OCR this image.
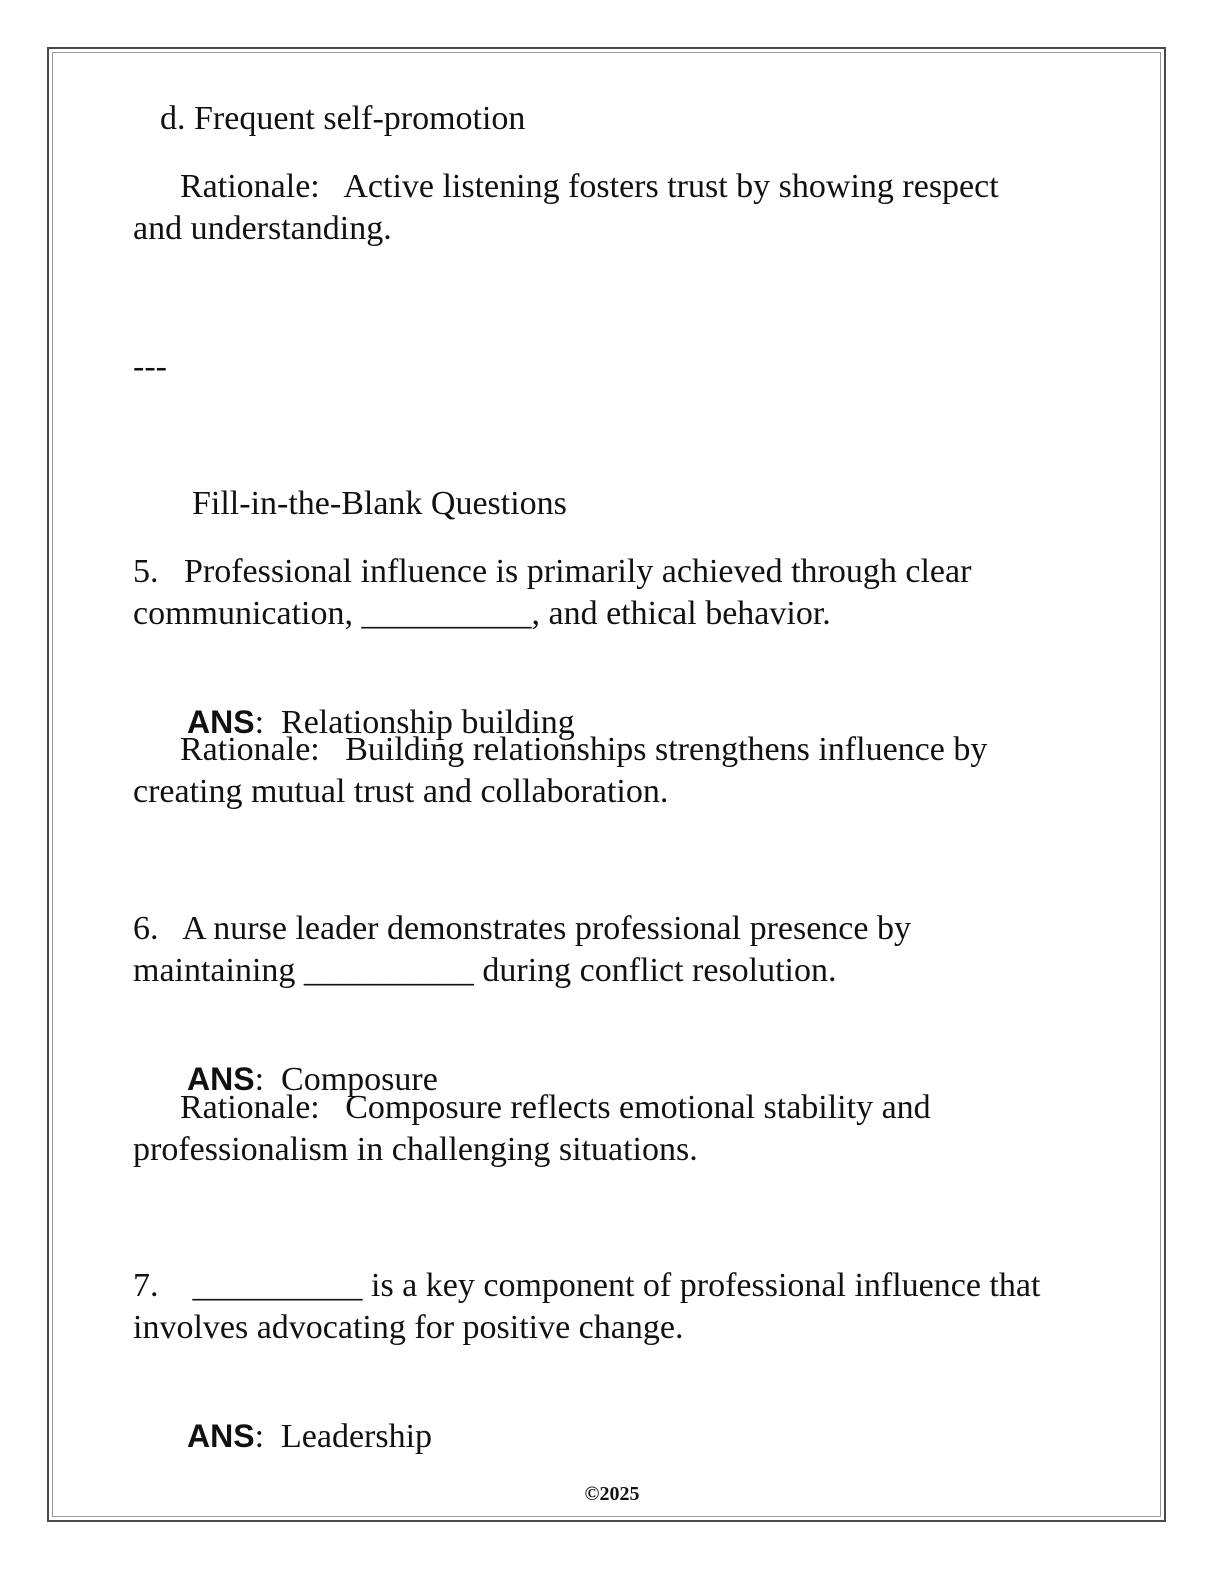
d. Frequent self-promotion
Rationale:   Active listening fosters trust by showing respect
and understanding.
---
Fill-in-the-Blank Questions
5.   Professional influence is primarily achieved through clear
communication, __________, and ethical behavior.

ANS:  Relationship building

Rationale:   Building relationships strengthens influence by
creating mutual trust and collaboration.
6.   A nurse leader demonstrates professional presence by
maintaining __________ during conflict resolution.

ANS:  Composure

Rationale:   Composure reflects emotional stability and
professionalism in challenging situations.
7.    __________ is a key component of professional influence that
involves advocating for positive change.

ANS:  Leadership

©2025
